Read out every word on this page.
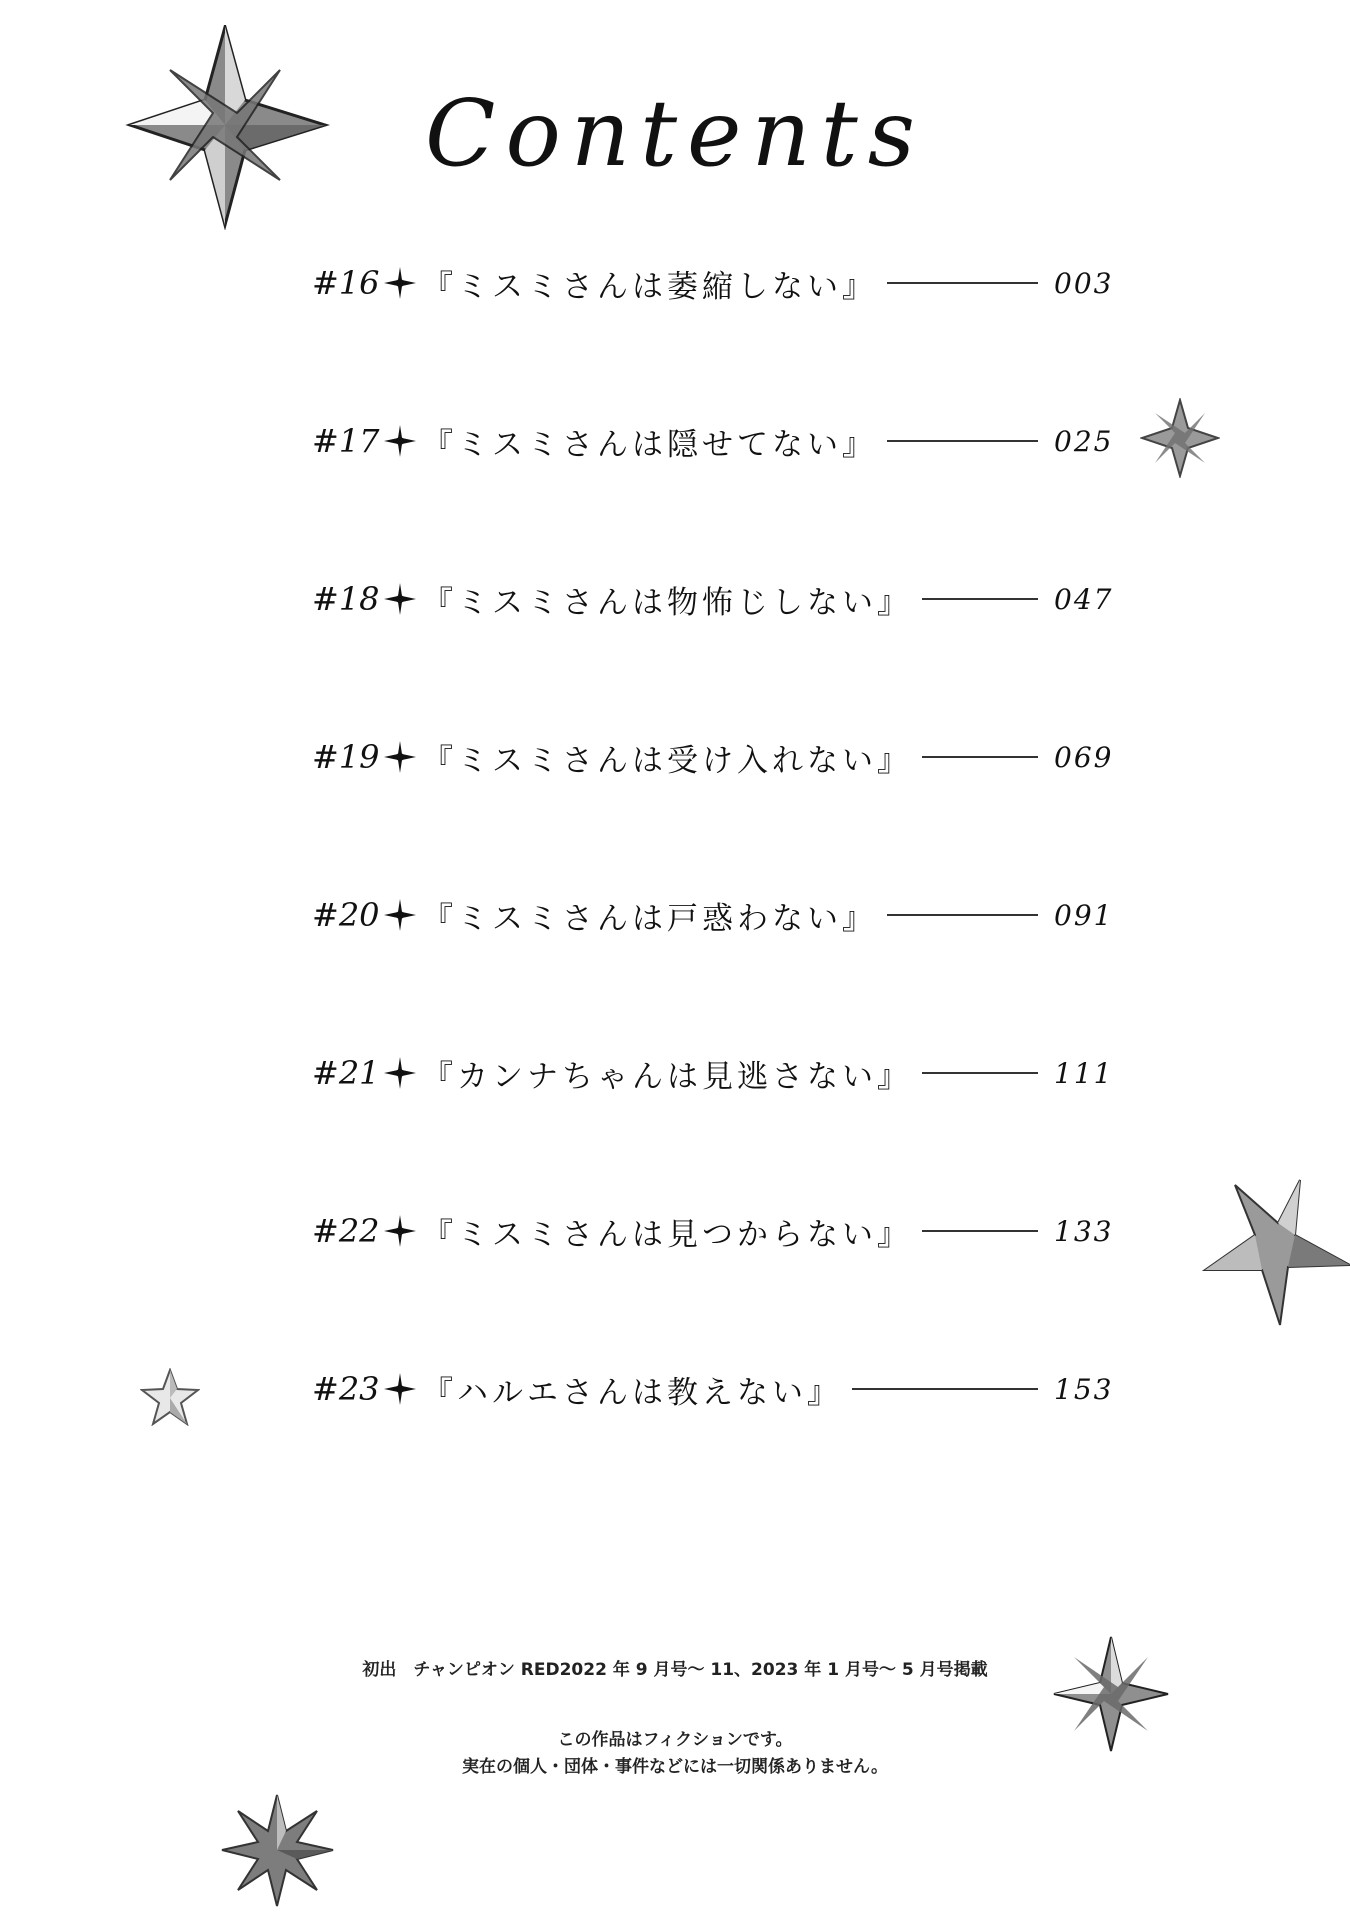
Contents
#16 『ミスミさんは萎縮しない』	003
#17 『ミスミさんは隠せてない』	025
#18 『ミスミさんは物怖じしない』	047
#19 『ミスミさんは受け入れない』	069
#20 『ミスミさんは戸惑わない』	091
#21 『カンナちゃんは見逃さない』	111
#22 『ミスミさんは見つからない』	133
#23 『ハルエさんは教えない』	153
初出　チャンピオン RED2022 年 9 月号〜 11、2023 年 1 月号〜 5 月号掲載
この作品はフィクションです。
実在の個人・団体・事件などには一切関係ありません。
